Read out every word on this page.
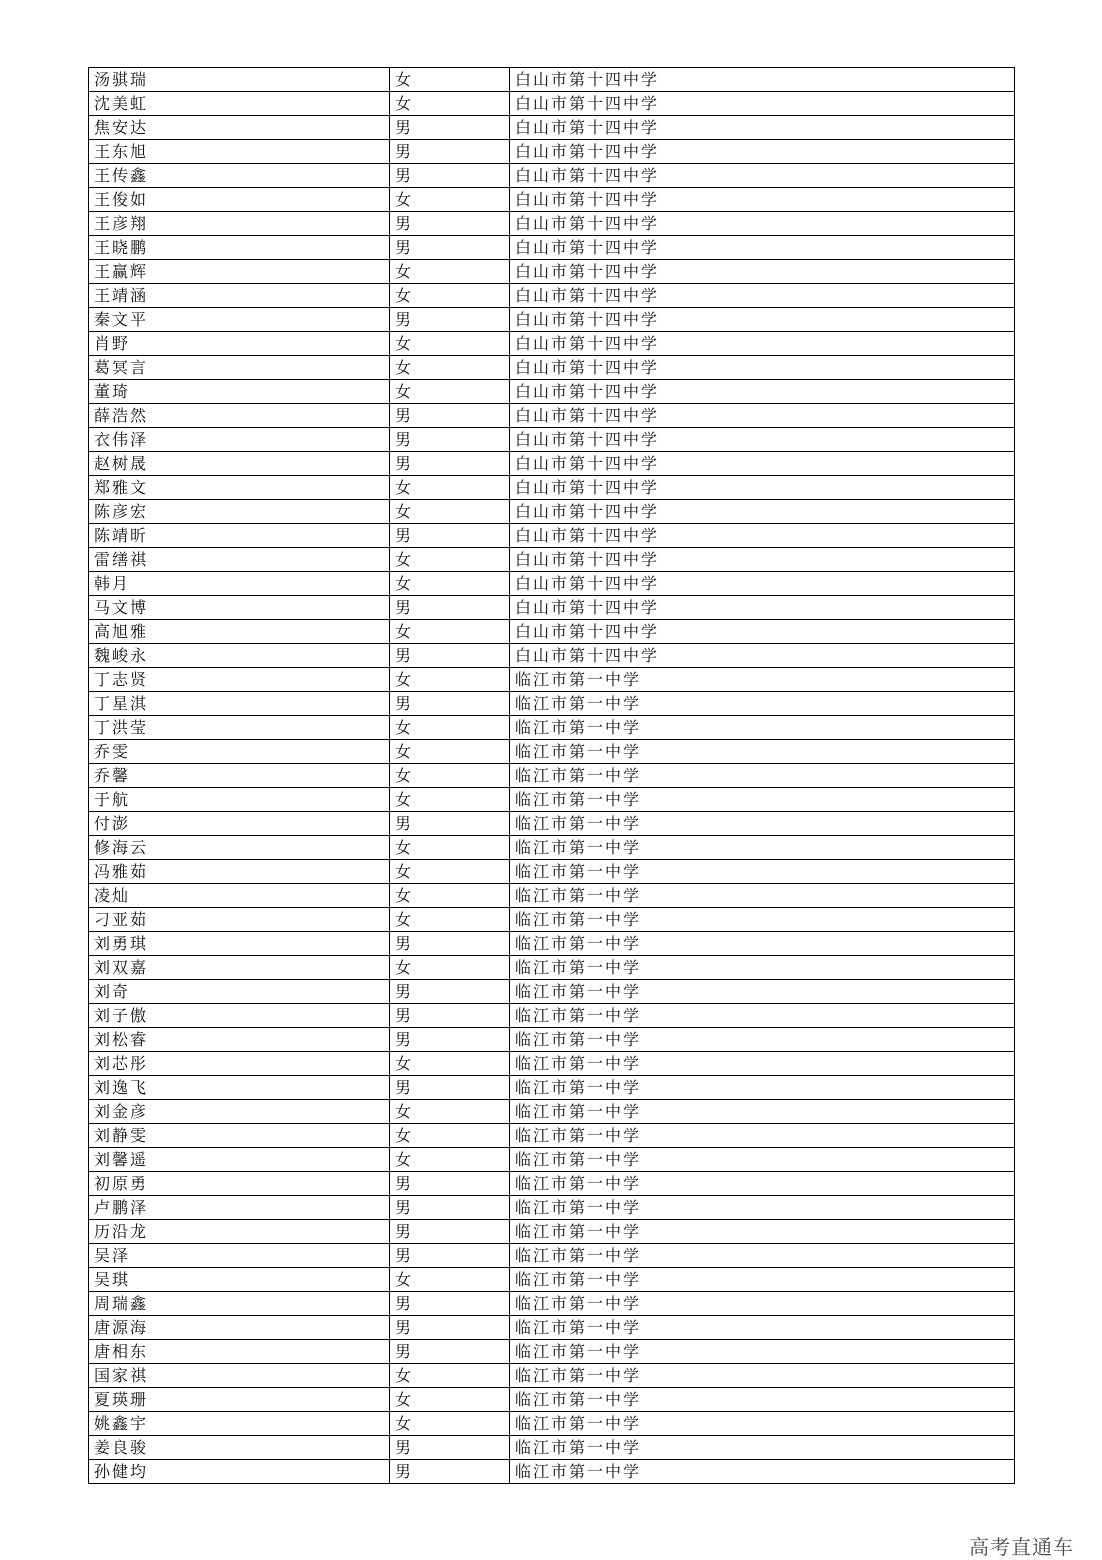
汤骐瑞	女	白山市第十四中学
沈美虹	女	白山市第十四中学
焦安达	男	白山市第十四中学
王东旭	男	白山市第十四中学
王传鑫	男	白山市第十四中学
王俊如	女	白山市第十四中学
王彦翔	男	白山市第十四中学
王晓鹏	男	白山市第十四中学
王赢辉	女	白山市第十四中学
王靖涵	女	白山市第十四中学
秦文平	男	白山市第十四中学
肖野	女	白山市第十四中学
葛冥言	女	白山市第十四中学
董琦	女	白山市第十四中学
薛浩然	男	白山市第十四中学
衣伟泽	男	白山市第十四中学
赵树晟	男	白山市第十四中学
郑雅文	女	白山市第十四中学
陈彦宏	女	白山市第十四中学
陈靖昕	男	白山市第十四中学
雷缮祺	女	白山市第十四中学
韩月	女	白山市第十四中学
马文博	男	白山市第十四中学
高旭雅	女	白山市第十四中学
魏峻永	男	白山市第十四中学
丁志贤	女	临江市第一中学
丁星淇	男	临江市第一中学
丁洪莹	女	临江市第一中学
乔雯	女	临江市第一中学
乔馨	女	临江市第一中学
于航	女	临江市第一中学
付澎	男	临江市第一中学
修海云	女	临江市第一中学
冯雅茹	女	临江市第一中学
凌灿	女	临江市第一中学
刁亚茹	女	临江市第一中学
刘勇琪	男	临江市第一中学
刘双嘉	女	临江市第一中学
刘奇	男	临江市第一中学
刘子傲	男	临江市第一中学
刘松睿	男	临江市第一中学
刘芯彤	女	临江市第一中学
刘逸飞	男	临江市第一中学
刘金彦	女	临江市第一中学
刘静雯	女	临江市第一中学
刘馨遥	女	临江市第一中学
初原勇	男	临江市第一中学
卢鹏泽	男	临江市第一中学
历沿龙	男	临江市第一中学
吴泽	男	临江市第一中学
吴琪	女	临江市第一中学
周瑞鑫	男	临江市第一中学
唐源海	男	临江市第一中学
唐相东	男	临江市第一中学
国家祺	女	临江市第一中学
夏瑛珊	女	临江市第一中学
姚鑫宇	女	临江市第一中学
姜良骏	男	临江市第一中学
孙健均	男	临江市第一中学
高考直通车
